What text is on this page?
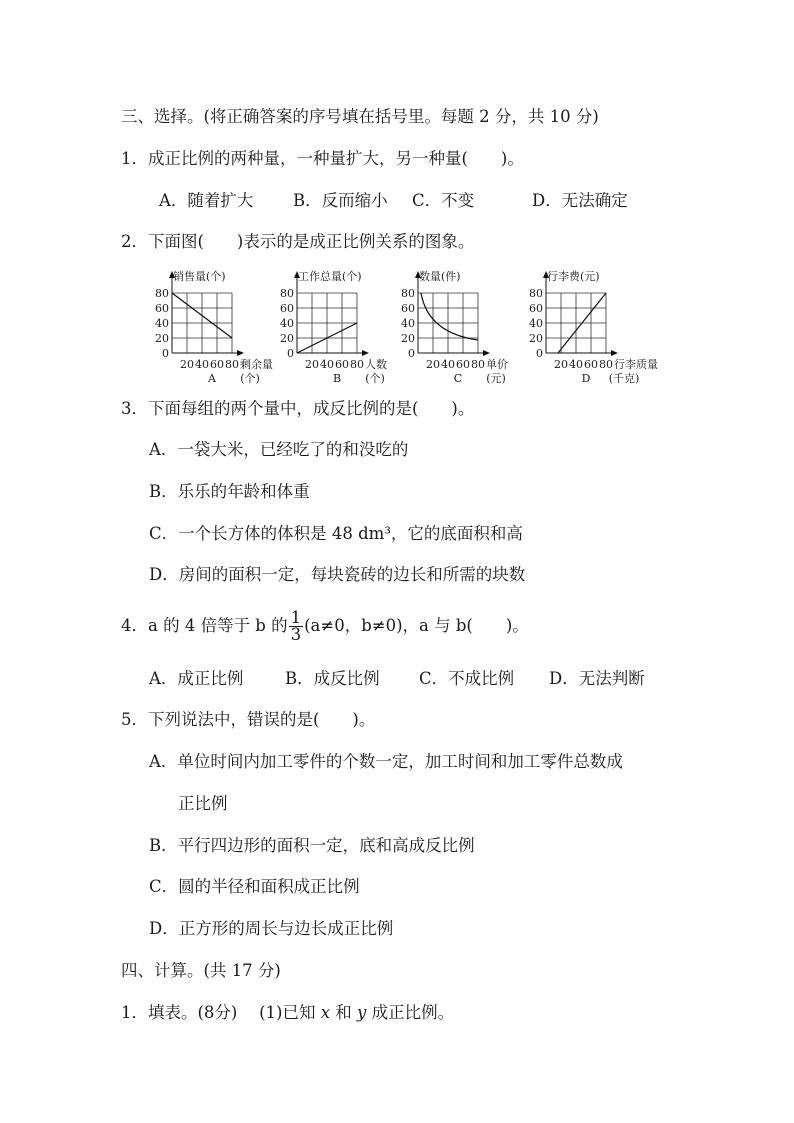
三、选择。(将正确答案的序号填在括号里。每题 2 分，共 10 分)
1．成正比例的两种量，一种量扩大，另一种量(　　)。
A．随着扩大 B．反而缩小 C．不变	D．无法确定
2．下面图(　　)表示的是成正比例关系的图象。
销售量(个)
80
60
40
20
0
20 40 60 80 剩余量
(个)
A
工作总量(个)
80
60
40
20
0
20 40 60 80 人数
(个)
B
数量(件)
80
60
40
20
0
20 40 60 80 单价
(元)
C
行李费(元)
80
60
40
20
0
20 40 60 80 行李质量
(千克)
D
3．下面每组的两个量中，成反比例的是(　　)。
A．一袋大米，已经吃了的和没吃的
B．乐乐的年龄和体重
C．一个长方体的体积是 48 dm³，它的底面积和高
D．房间的面积一定，每块瓷砖的边长和所需的块数
4．a 的 4 倍等于 b 的 $\frac{1}{3} (a\ne 0$，b≠0)，a 与 b(　　)。
A．成正比例	B．成反比例 C．不成比例 D．无法判断
5．下列说法中，错误的是(　　)。
A．单位时间内加工零件的个数一定，加工时间和加工零件总数成
正比例
B．平行四边形的面积一定，底和高成反比例
C．圆的半径和面积成正比例
D．正方形的周长与边长成正比例
四、计算。(共 17 分)
1．填表。(8分)　 (1)已知 x 和 y 成正比例。
